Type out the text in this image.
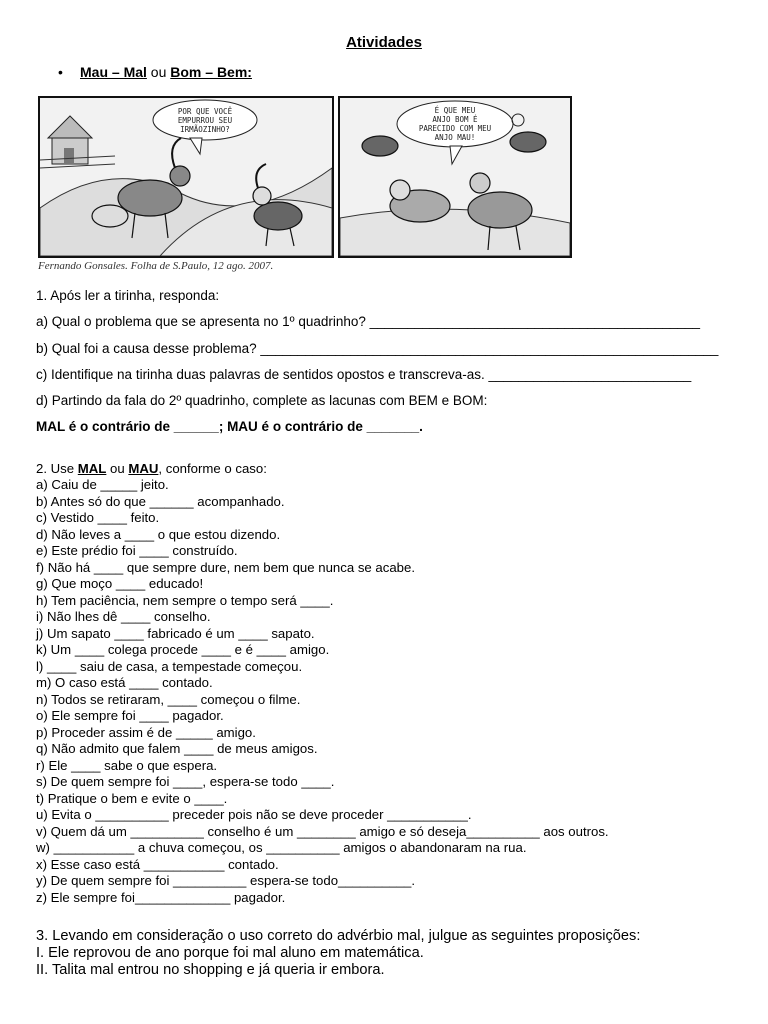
Atividades
• Mau – Mal ou Bom – Bem:
POR QUE VOCÊ
EMPURROU SEU
IRMÃOZINHO?
É QUE MEU
ANJO BOM É
PARECIDO COM MEU
ANJO MAU!
Fernando Gonsales. Folha de S.Paulo, 12 ago. 2007.
1. Após ler a tirinha, responda:
a) Qual o problema que se apresenta no 1º quadrinho? ____________________________________________
b) Qual foi a causa desse problema? _____________________________________________________________
c) Identifique na tirinha duas palavras de sentidos opostos e transcreva-as. ___________________________
d) Partindo da fala do 2º quadrinho, complete as lacunas com BEM e BOM:
MAL é o contrário de ______; MAU é o contrário de _______.
2. Use MAL ou MAU, conforme o caso:
a) Caiu de _____ jeito.
b) Antes só do que ______ acompanhado.
c) Vestido ____ feito.
d) Não leves a ____ o que estou dizendo.
e) Este prédio foi ____ construído.
f) Não há ____ que sempre dure, nem bem que nunca se acabe.
g) Que moço ____ educado!
h) Tem paciência, nem sempre o tempo será ____.
i) Não lhes dê ____ conselho.
j) Um sapato ____ fabricado é um ____ sapato.
k) Um ____ colega procede ____ e é ____ amigo.
l) ____ saiu de casa, a tempestade começou.
m) O caso está ____ contado.
n) Todos se retiraram, ____ começou o filme.
o) Ele sempre foi ____ pagador.
p) Proceder assim é de _____ amigo.
q) Não admito que falem ____ de meus amigos.
r) Ele ____ sabe o que espera.
s) De quem sempre foi ____, espera-se todo ____.
t) Pratique o bem e evite o ____.
u) Evita o __________ preceder pois não se deve proceder ___________.
v) Quem dá um __________ conselho é um ________ amigo e só deseja__________ aos outros.
w) ___________ a chuva começou, os __________ amigos o abandonaram na rua.
x) Esse caso está ___________ contado.
y) De quem sempre foi __________ espera-se todo__________.
z) Ele sempre foi_____________ pagador.
3. Levando em consideração o uso correto do advérbio mal, julgue as seguintes proposições:
I. Ele reprovou de ano porque foi mal aluno em matemática.
II. Talita mal entrou no shopping e já queria ir embora.
